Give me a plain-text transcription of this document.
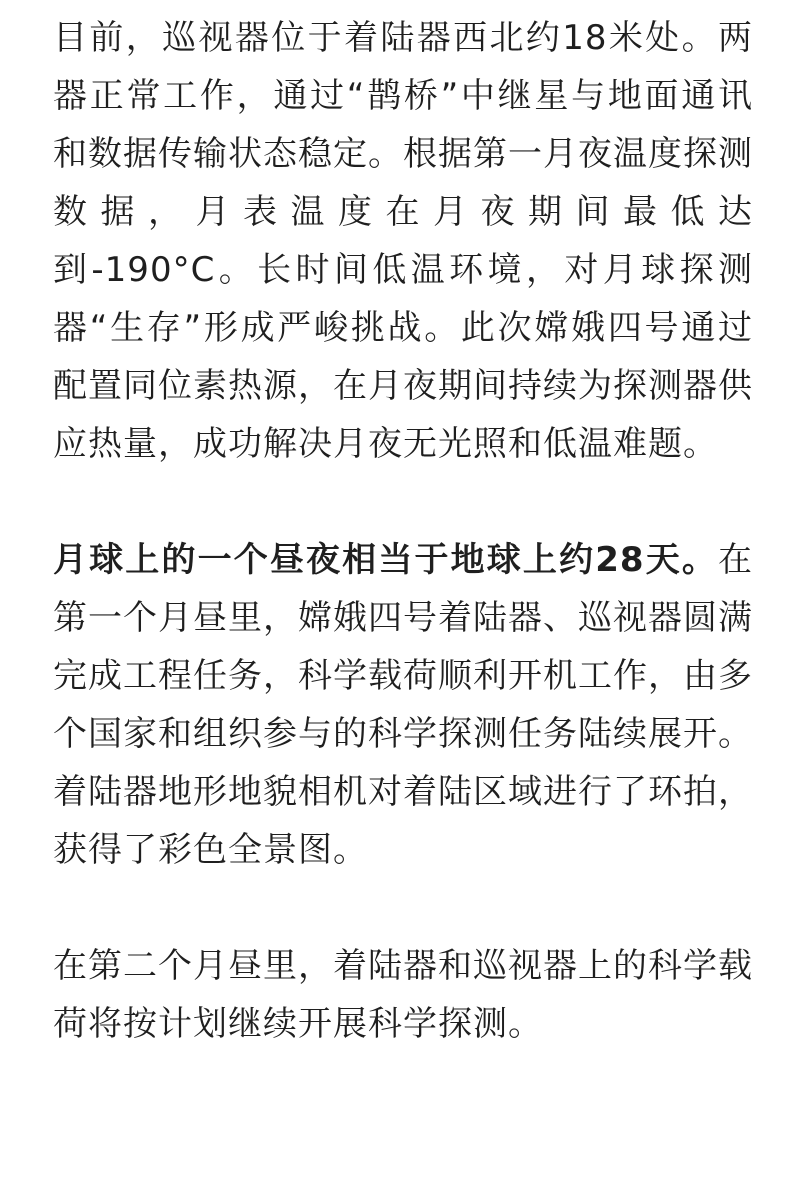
目前，巡视器位于着陆器西北约18米处。两器正常工作，通过“鹊桥”中继星与地面通讯和数据传输状态稳定。根据第一月夜温度探测数据，月表温度在月夜期间最低达到-190°C。长时间低温环境，对月球探测器“生存”形成严峻挑战。此次嫦娥四号通过配置同位素热源，在月夜期间持续为探测器供应热量，成功解决月夜无光照和低温难题。

月球上的一个昼夜相当于地球上约28天。在第一个月昼里，嫦娥四号着陆器、巡视器圆满完成工程任务，科学载荷顺利开机工作，由多个国家和组织参与的科学探测任务陆续展开。着陆器地形地貌相机对着陆区域进行了环拍，获得了彩色全景图。

在第二个月昼里，着陆器和巡视器上的科学载荷将按计划继续开展科学探测。
